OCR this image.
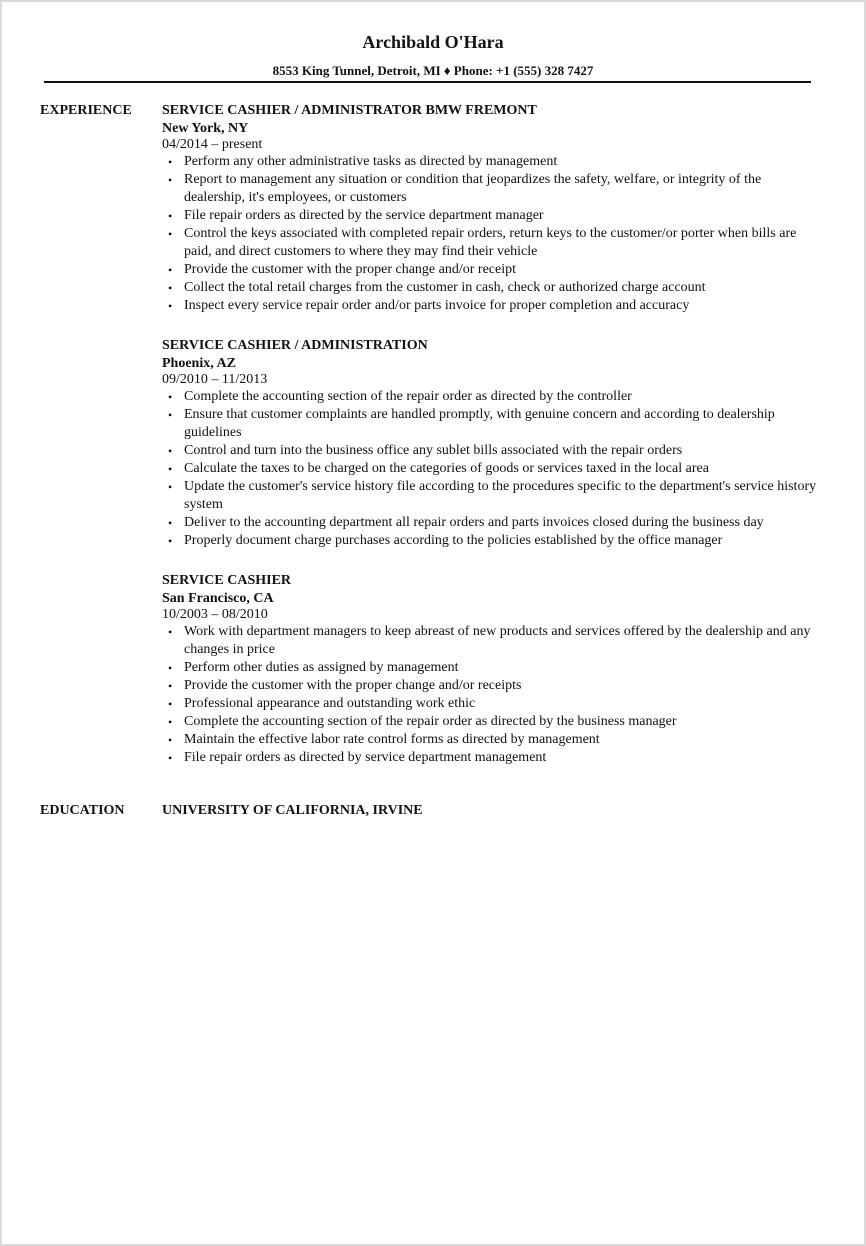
Archibald O'Hara
8553 King Tunnel, Detroit, MI ♦ Phone: +1 (555) 328 7427
EXPERIENCE	SERVICE CASHIER / ADMINISTRATOR BMW FREMONT
New York, NY
04/2014 – present
• Perform any other administrative tasks as directed by management
• Report to management any situation or condition that jeopardizes the safety, welfare, or integrity of the dealership, it's employees, or customers
• File repair orders as directed by the service department manager
• Control the keys associated with completed repair orders, return keys to the customer/or porter when bills are paid, and direct customers to where they may find their vehicle
• Provide the customer with the proper change and/or receipt
• Collect the total retail charges from the customer in cash, check or authorized charge account
• Inspect every service repair order and/or parts invoice for proper completion and accuracy
SERVICE CASHIER / ADMINISTRATION
Phoenix, AZ
09/2010 – 11/2013
• Complete the accounting section of the repair order as directed by the controller
• Ensure that customer complaints are handled promptly, with genuine concern and according to dealership guidelines
• Control and turn into the business office any sublet bills associated with the repair orders
• Calculate the taxes to be charged on the categories of goods or services taxed in the local area
• Update the customer's service history file according to the procedures specific to the department's service history system
• Deliver to the accounting department all repair orders and parts invoices closed during the business day
• Properly document charge purchases according to the policies established by the office manager
SERVICE CASHIER
San Francisco, CA
10/2003 – 08/2010
• Work with department managers to keep abreast of new products and services offered by the dealership and any changes in price
• Perform other duties as assigned by management
• Provide the customer with the proper change and/or receipts
• Professional appearance and outstanding work ethic
• Complete the accounting section of the repair order as directed by the business manager
• Maintain the effective labor rate control forms as directed by management
• File repair orders as directed by service department management
EDUCATION	UNIVERSITY OF CALIFORNIA, IRVINE
